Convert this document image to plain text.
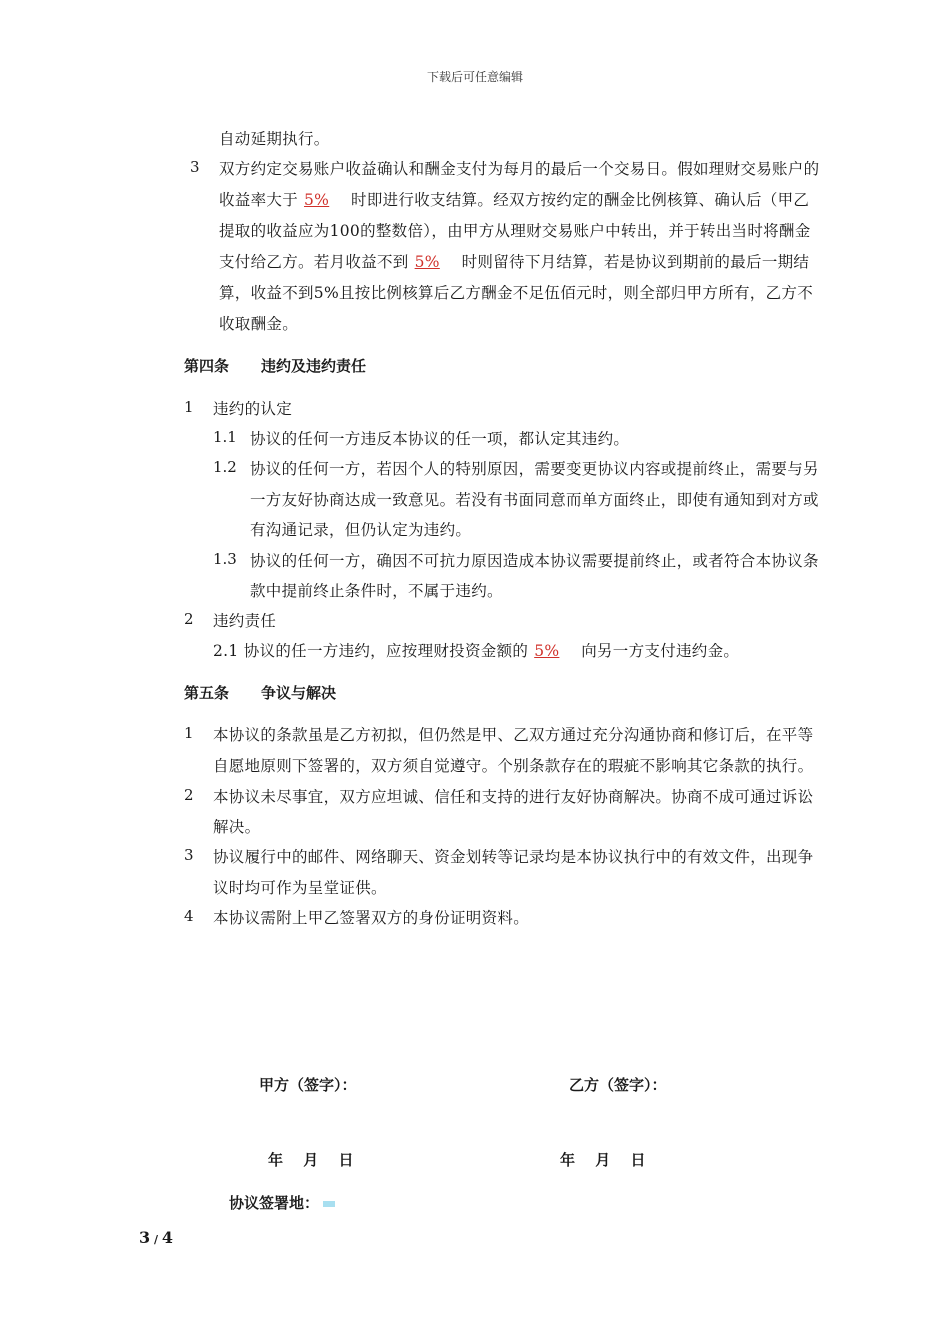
下载后可任意编辑
自动延期执行。
3 双方约定交易账户收益确认和酬金支付为每月的最后一个交易日。假如理财交易账户的
收益率大于 5%　 时即进行收支结算。经双方按约定的酬金比例核算、确认后（甲乙
提取的收益应为100的整数倍），由甲方从理财交易账户中转出，并于转出当时将酬金
支付给乙方。若月收益不到 5%　 时则留待下月结算，若是协议到期前的最后一期结
算，收益不到5%且按比例核算后乙方酬金不足伍佰元时，则全部归甲方所有，乙方不
收取酬金。
第四条 违约及违约责任
1 违约的认定
1.1 协议的任何一方违反本协议的任一项，都认定其违约。
1.2 协议的任何一方，若因个人的特别原因，需要变更协议内容或提前终止，需要与另
一方友好协商达成一致意见。若没有书面同意而单方面终止，即使有通知到对方或
有沟通记录，但仍认定为违约。
1.3 协议的任何一方，确因不可抗力原因造成本协议需要提前终止，或者符合本协议条
款中提前终止条件时，不属于违约。
2 违约责任
2.1 协议的任一方违约，应按理财投资金额的 5%　 向另一方支付违约金。
第五条 争议与解决
1 本协议的条款虽是乙方初拟，但仍然是甲、乙双方通过充分沟通协商和修订后，在平等
自愿地原则下签署的，双方须自觉遵守。个别条款存在的瑕疵不影响其它条款的执行。
2 本协议未尽事宜，双方应坦诚、信任和支持的进行友好协商解决。协商不成可通过诉讼
解决。
3 协议履行中的邮件、网络聊天、资金划转等记录均是本协议执行中的有效文件，出现争
议时均可作为呈堂证供。
4 本协议需附上甲乙签署双方的身份证明资料。
甲方（签字）：	乙方（签字）：
年　 月　 日	年　 月　 日
协议签署地：
3 / 4
